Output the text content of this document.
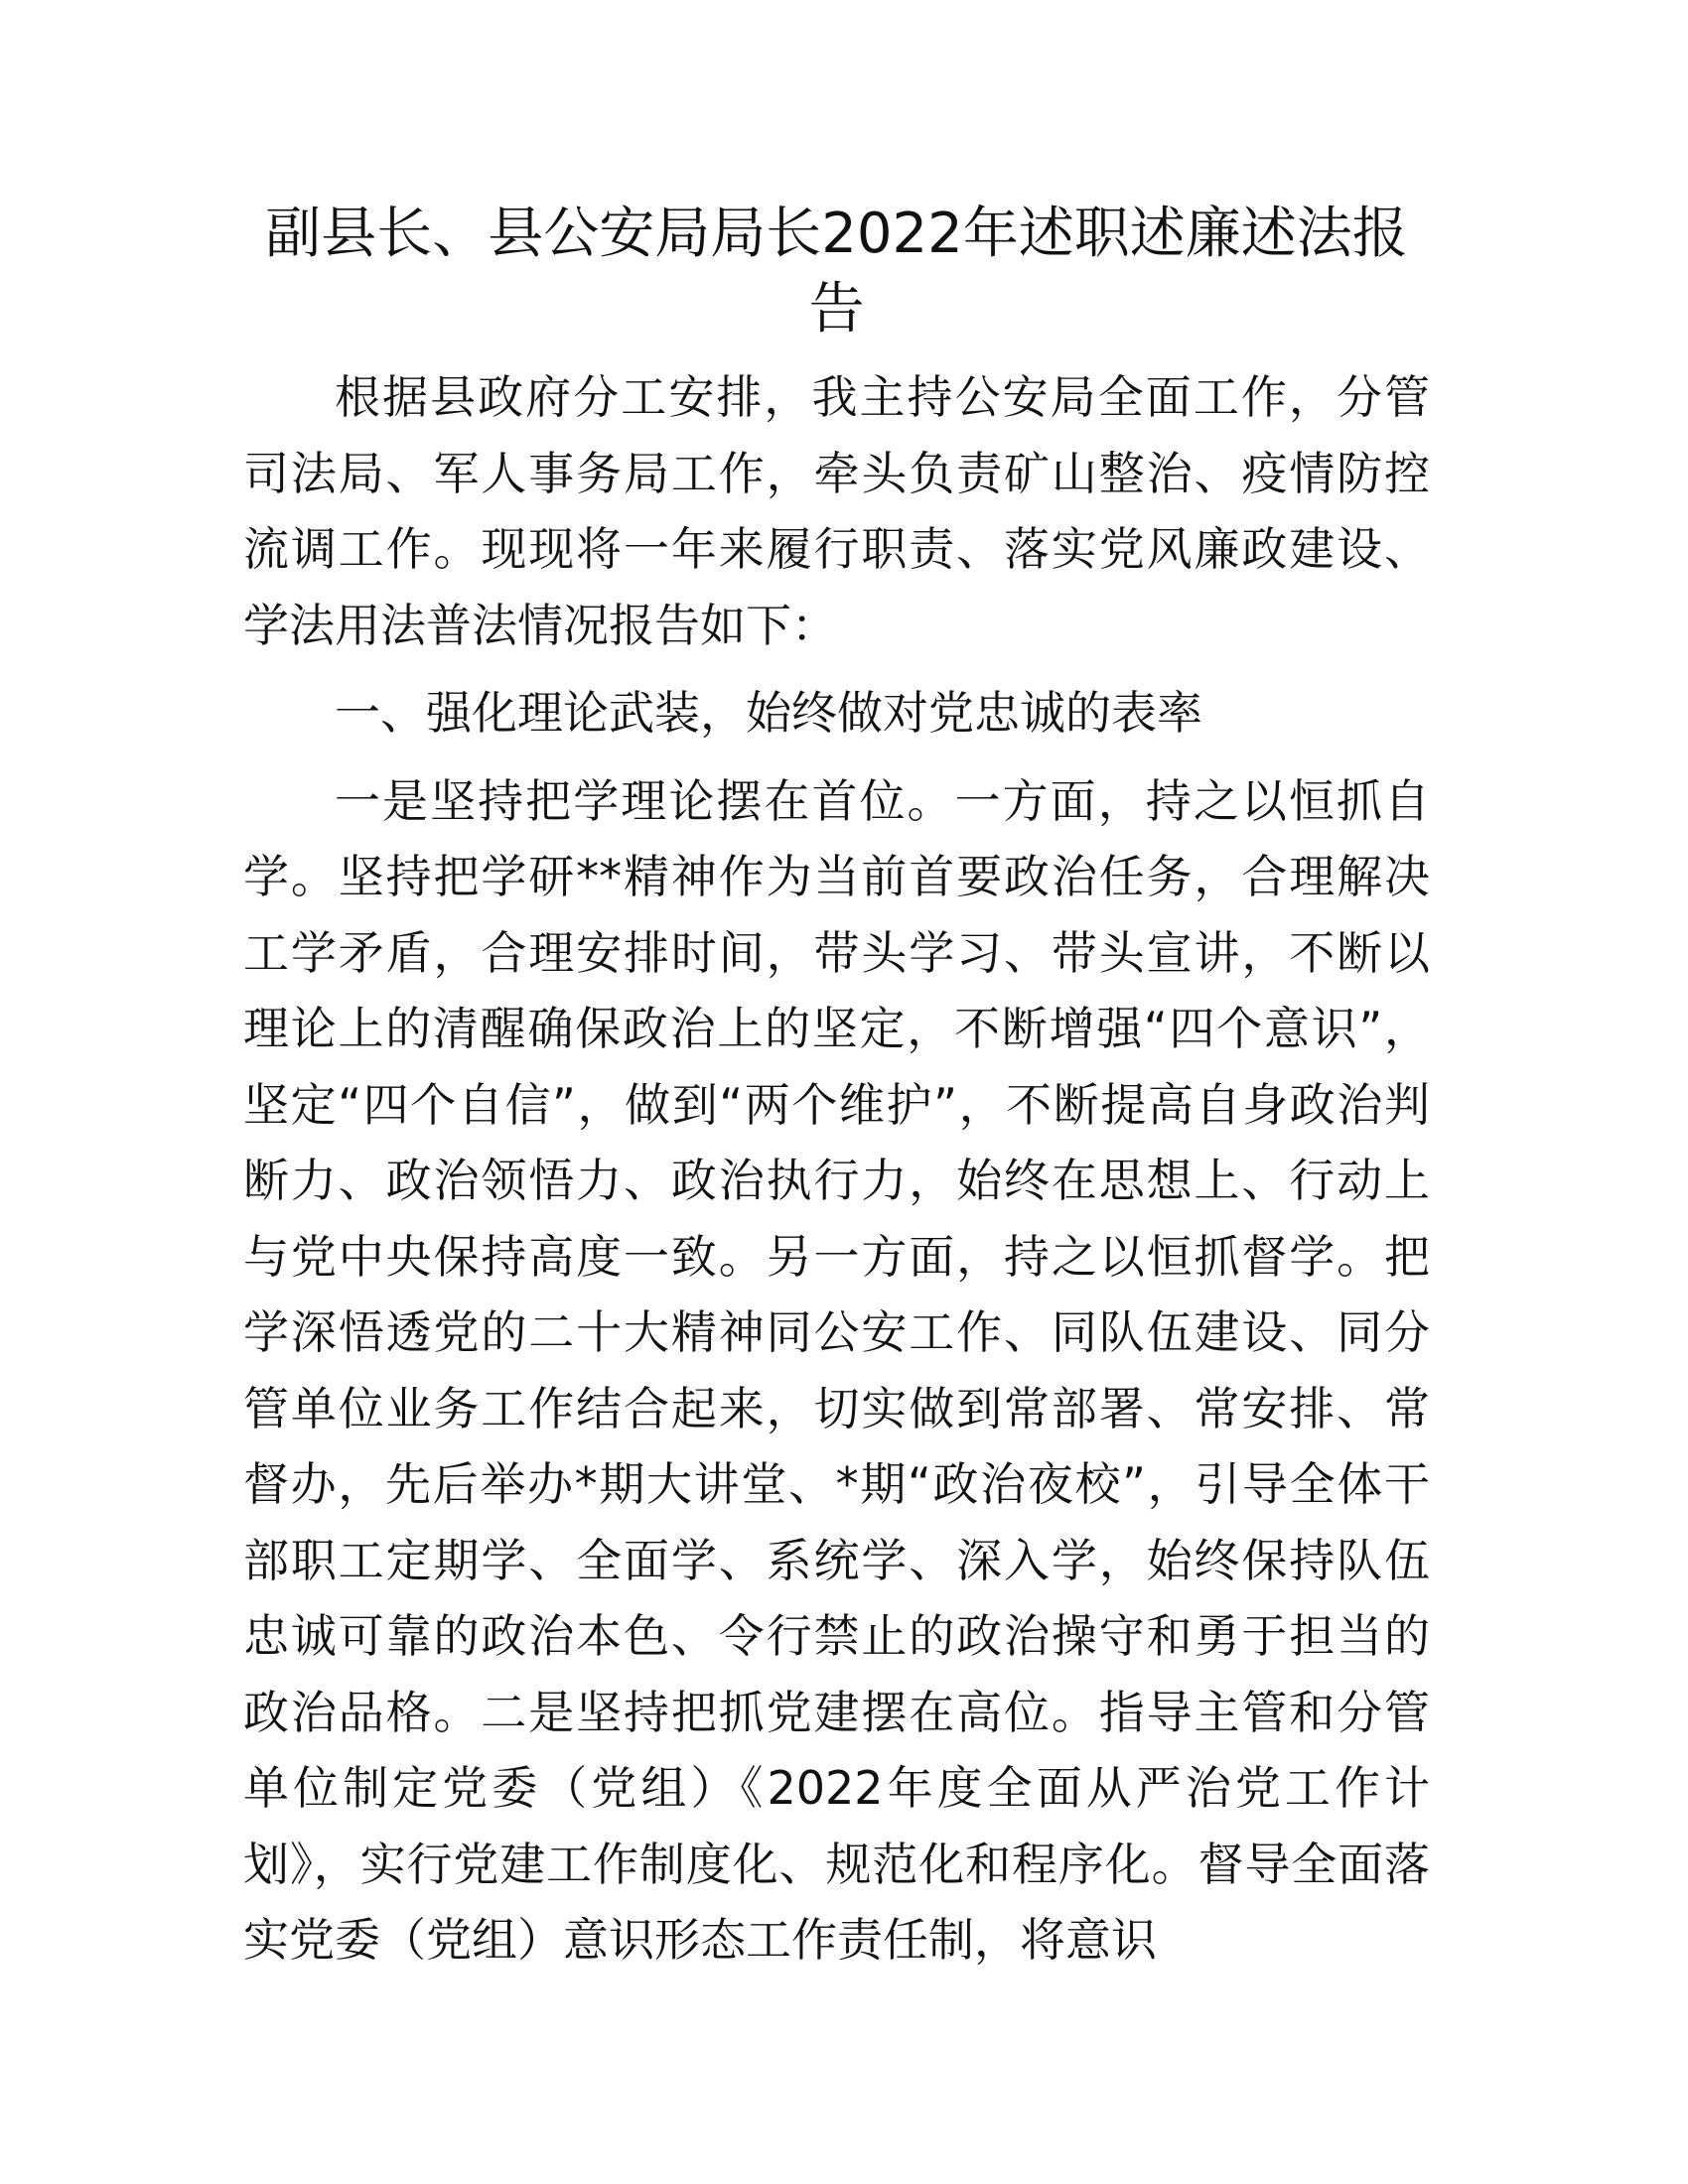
副县长、县公安局局长2022年述职述廉述法报告

根据县政府分工安排，我主持公安局全面工作，分管司法局、军人事务局工作，牵头负责矿山整治、疫情防控流调工作。现现将一年来履行职责、落实党风廉政建设、学法用法普法情况报告如下：

一、强化理论武装，始终做对党忠诚的表率

一是坚持把学理论摆在首位。一方面，持之以恒抓自学。坚持把学研**精神作为当前首要政治任务，合理解决工学矛盾，合理安排时间，带头学习、带头宣讲，不断以理论上的清醒确保政治上的坚定，不断增强“四个意识”，坚定“四个自信”，做到“两个维护”，不断提高自身政治判断力、政治领悟力、政治执行力，始终在思想上、行动上与党中央保持高度一致。另一方面，持之以恒抓督学。把学深悟透党的二十大精神同公安工作、同队伍建设、同分管单位业务工作结合起来，切实做到常部署、常安排、常督办，先后举办*期大讲堂、*期“政治夜校”，引导全体干部职工定期学、全面学、系统学、深入学，始终保持队伍忠诚可靠的政治本色、令行禁止的政治操守和勇于担当的政治品格。二是坚持把抓党建摆在高位。指导主管和分管单位制定党委（党组）《2022年度全面从严治党工作计划》，实行党建工作制度化、规范化和程序化。督导全面落实党委（党组）意识形态工作责任制，将意识
